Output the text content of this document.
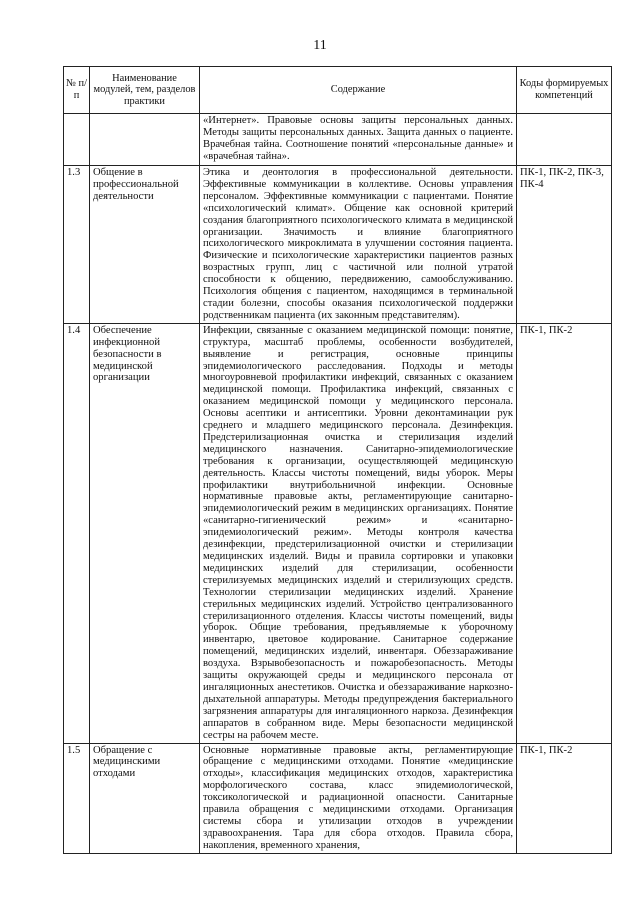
11
№ п/п	Наименование модулей, тем, разделов практики	Содержание	Коды формируемых компетенций
		«Интернет». Правовые основы защиты персональных данных. Методы защиты персональных данных. Защита данных о пациенте. Врачебная тайна. Соотношение понятий «персональные данные» и «врачебная тайна».	
1.3	Общение в профессиональной деятельности	Этика и деонтология в профессиональной деятельности. Эффективные коммуникации в коллективе. Основы управления персоналом. Эффективные коммуникации с пациентами. Понятие «психологический климат». Общение как основной критерий создания благоприятного психологического климата в медицинской организации. Значимость и влияние благоприятного психологического микроклимата в улучшении состояния пациента. Физические и психологические характеристики пациентов разных возрастных групп, лиц с частичной или полной утратой способности к общению, передвижению, самообслуживанию. Психология общения с пациентом, находящимся в терминальной стадии болезни, способы оказания психологической поддержки родственникам пациента (их законным представителям).	ПК-1, ПК-2, ПК-3, ПК-4
1.4	Обеспечение инфекционной безопасности в медицинской организации	Инфекции, связанные с оказанием медицинской помощи: понятие, структура, масштаб проблемы, особенности возбудителей, выявление и регистрация, основные принципы эпидемиологического расследования. Подходы и методы многоуровневой профилактики инфекций, связанных с оказанием медицинской помощи. Профилактика инфекций, связанных с оказанием медицинской помощи у медицинского персонала. Основы асептики и антисептики. Уровни деконтаминации рук среднего и младшего медицинского персонала. Дезинфекция. Предстерилизационная очистка и стерилизация изделий медицинского назначения. Санитарно-эпидемиологические требования к организации, осуществляющей медицинскую деятельность. Классы чистоты помещений, виды уборок. Меры профилактики внутрибольничной инфекции. Основные нормативные правовые акты, регламентирующие санитарно-эпидемиологический режим в медицинских организациях. Понятие «санитарно-гигиенический режим» и «санитарно-эпидемиологический режим». Методы контроля качества дезинфекции, предстерилизационной очистки и стерилизации медицинских изделий. Виды и правила сортировки и упаковки медицинских изделий для стерилизации, особенности стерилизуемых медицинских изделий и стерилизующих средств. Технологии стерилизации медицинских изделий. Хранение стерильных медицинских изделий. Устройство централизованного стерилизационного отделения. Классы чистоты помещений, виды уборок. Общие требования, предъявляемые к уборочному инвентарю, цветовое кодирование. Санитарное содержание помещений, медицинских изделий, инвентаря. Обеззараживание воздуха. Взрывобезопасность и пожаробезопасность. Методы защиты окружающей среды и медицинского персонала от ингаляционных анестетиков. Очистка и обеззараживание наркозно-дыхательной аппаратуры. Методы предупреждения бактериального загрязнения аппаратуры для ингаляционного наркоза. Дезинфекция аппаратов в собранном виде. Меры безопасности медицинской сестры на рабочем месте.	ПК-1, ПК-2
1.5	Обращение с медицинскими отходами	Основные нормативные правовые акты, регламентирующие обращение с медицинскими отходами. Понятие «медицинские отходы», классификация медицинских отходов, характеристика морфологического состава, класс эпидемиологической, токсикологической и радиационной опасности. Санитарные правила обращения с медицинскими отходами. Организация системы сбора и утилизации отходов в учреждении здравоохранения. Тара для сбора отходов. Правила сбора, накопления, временного хранения,	ПК-1, ПК-2
